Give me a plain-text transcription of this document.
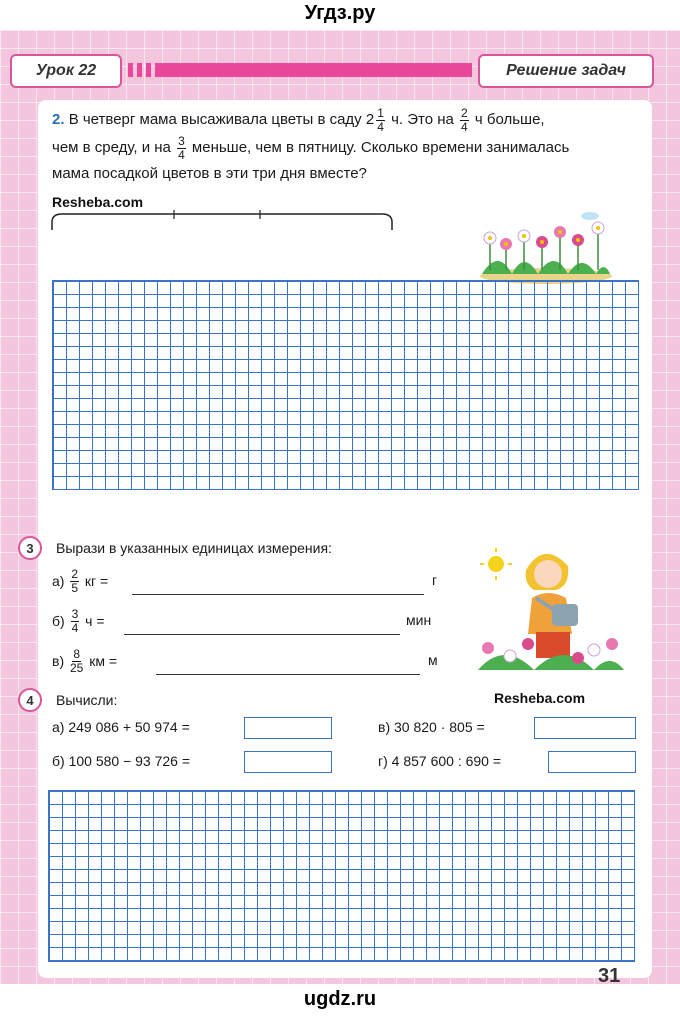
Угдз.ру
Урок 22	Решение задач
2. В четверг мама высаживала цветы в саду $2 \frac{1}{4} ч$. Это на $\frac{2}{4}$ ч больше,
чем в среду, и на $\frac{3}{4}$ меньше, чем в пятницу. Сколько времени занималась
мама посадкой цветов в эти три дня вместе?
Resheba.com
3	Вырази в указанных единицах измерения:
а)
$\frac{2}{5}$
кг =	г
б)
$\frac{3}{4}$
ч =	мин
в)
$\frac{8}{25}$
км =	м
4	Вычисли:	Resheba.com
а) 249 086 + 50 974 =	в) 30 820 · 805 =
б) 100 580 − 93 726 =	г) 4 857 600 : 690 =
31
ugdz.ru
